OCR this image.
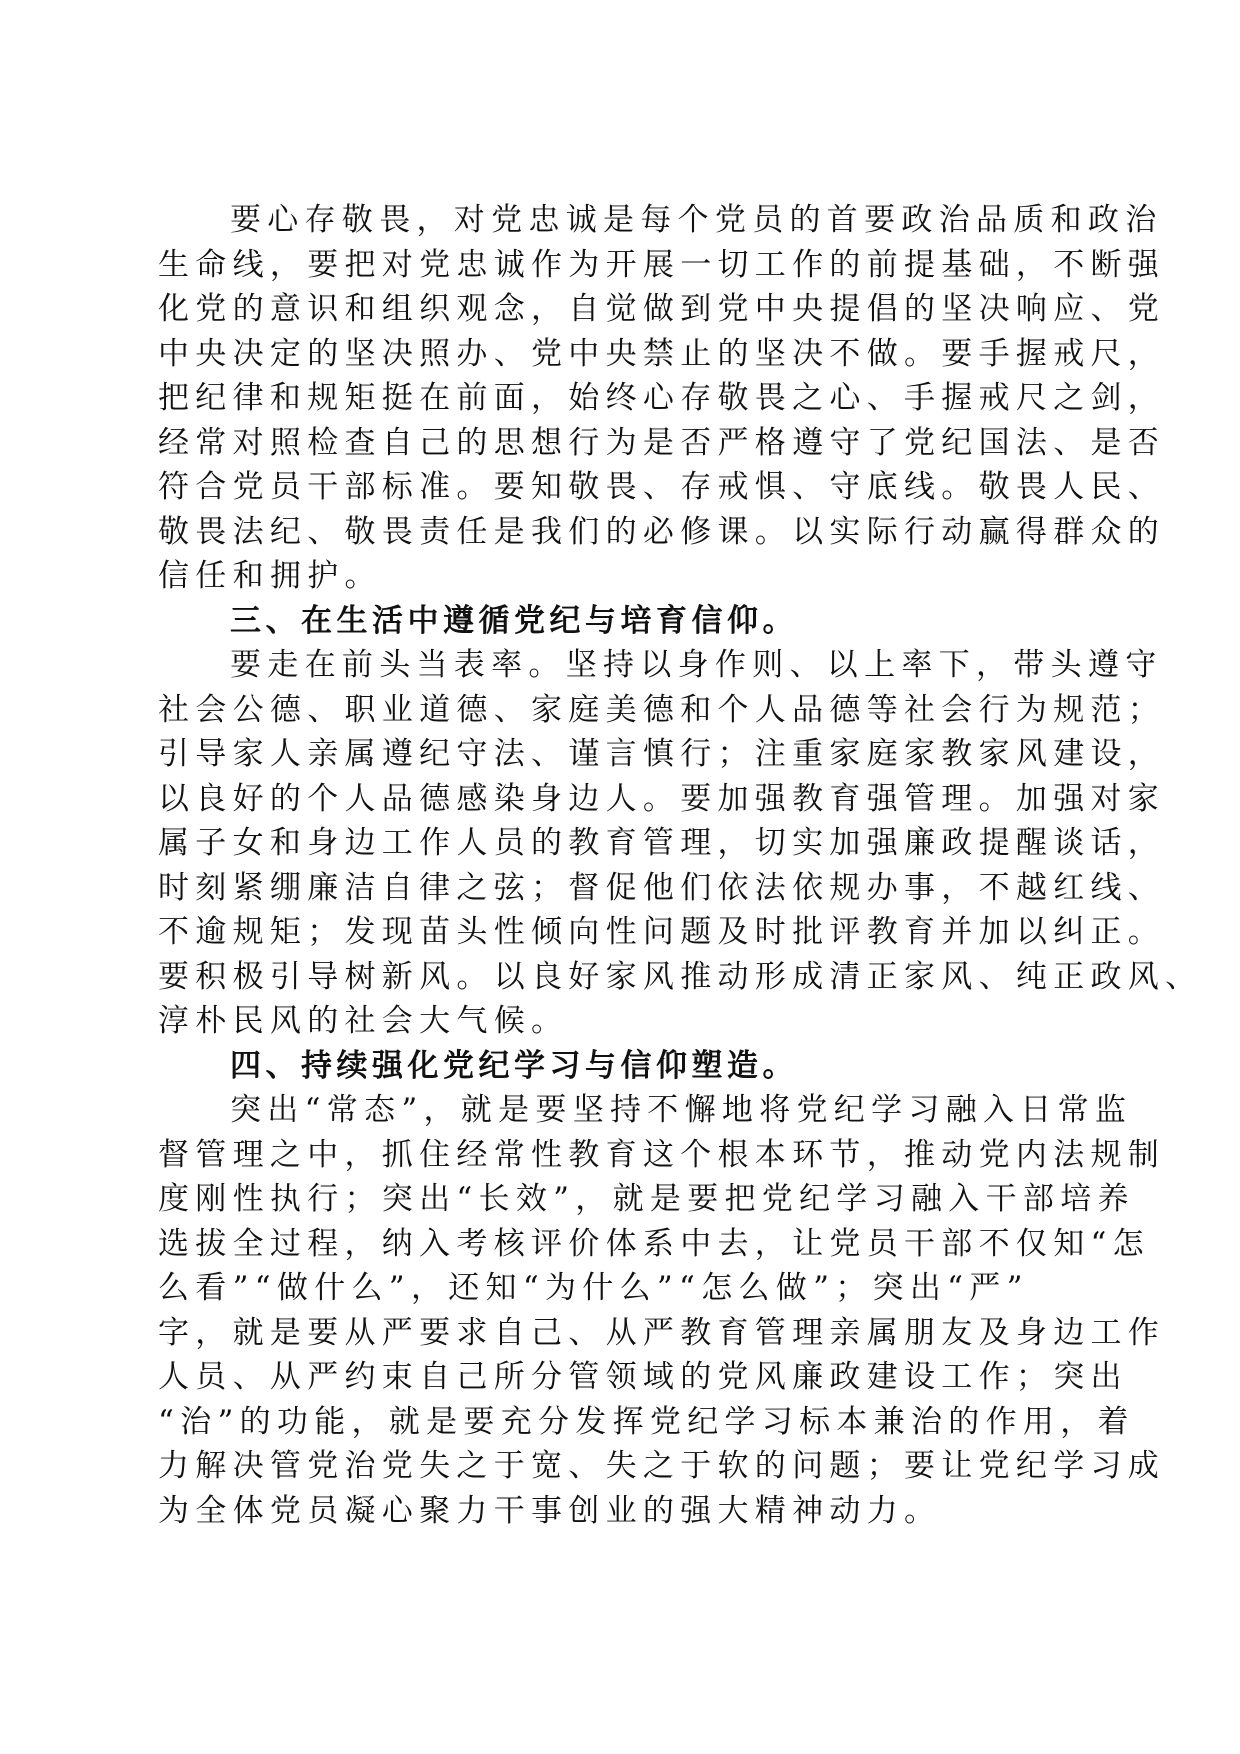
要心存敬畏，对党忠诚是每个党员的首要政治品质和政治
生命线，要把对党忠诚作为开展一切工作的前提基础，不断强
化党的意识和组织观念，自觉做到党中央提倡的坚决响应、党
中央决定的坚决照办、党中央禁止的坚决不做。要手握戒尺，
把纪律和规矩挺在前面，始终心存敬畏之心、手握戒尺之剑，
经常对照检查自己的思想行为是否严格遵守了党纪国法、是否
符合党员干部标准。要知敬畏、存戒惧、守底线。敬畏人民、
敬畏法纪、敬畏责任是我们的必修课。以实际行动赢得群众的
信任和拥护。
三、在生活中遵循党纪与培育信仰。
要走在前头当表率。坚持以身作则、以上率下，带头遵守
社会公德、职业道德、家庭美德和个人品德等社会行为规范；
引导家人亲属遵纪守法、谨言慎行；注重家庭家教家风建设，
以良好的个人品德感染身边人。要加强教育强管理。加强对家
属子女和身边工作人员的教育管理，切实加强廉政提醒谈话，
时刻紧绷廉洁自律之弦；督促他们依法依规办事，不越红线、
不逾规矩；发现苗头性倾向性问题及时批评教育并加以纠正。
要积极引导树新风。以良好家风推动形成清正家风、纯正政风、
淳朴民风的社会大气候。
四、持续强化党纪学习与信仰塑造。
突出“常态”，就是要坚持不懈地将党纪学习融入日常监
督管理之中，抓住经常性教育这个根本环节，推动党内法规制
度刚性执行；突出“长效”，就是要把党纪学习融入干部培养
选拔全过程，纳入考核评价体系中去，让党员干部不仅知“怎
么看”“做什么”，还知“为什么”“怎么做”；突出“严”
字，就是要从严要求自己、从严教育管理亲属朋友及身边工作
人员、从严约束自己所分管领域的党风廉政建设工作；突出
“治”的功能，就是要充分发挥党纪学习标本兼治的作用，着
力解决管党治党失之于宽、失之于软的问题；要让党纪学习成
为全体党员凝心聚力干事创业的强大精神动力。
